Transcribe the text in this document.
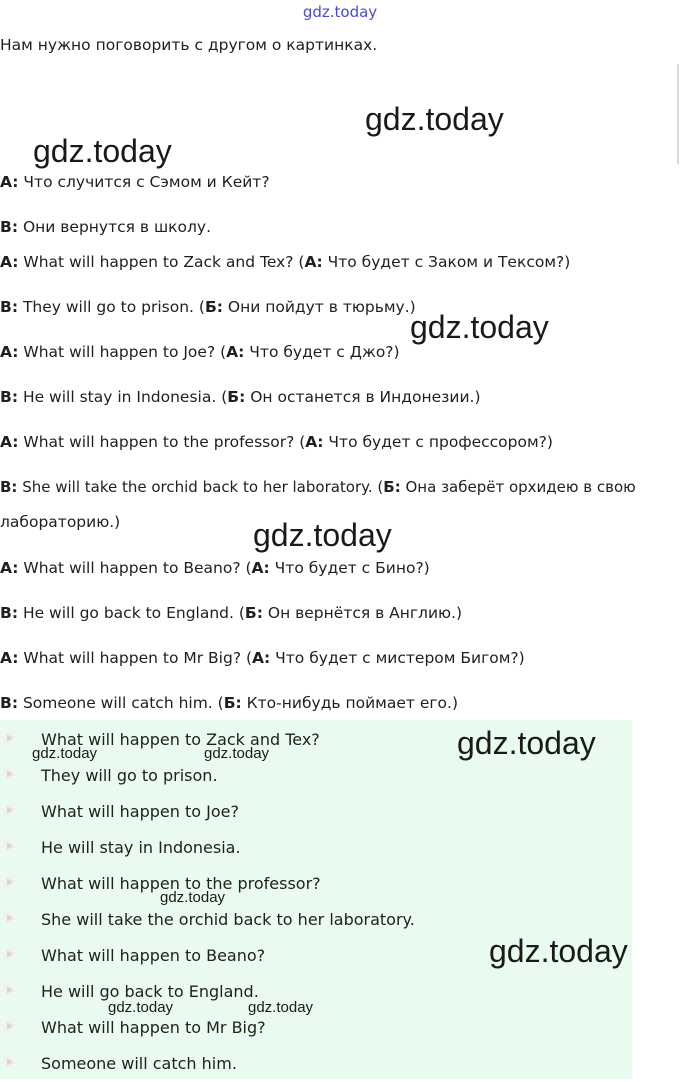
gdz.today
Нам нужно поговорить с другом о картинках.
A: Что случится с Сэмом и Кейт?
B: Они вернутся в школу.
A: What will happen to Zack and Tex? (А: Что будет с Заком и Тексом?)
B: They will go to prison. (Б: Они пойдут в тюрьму.)
A: What will happen to Joe? (А: Что будет с Джо?)
B: He will stay in Indonesia. (Б: Он останется в Индонезии.)
A: What will happen to the professor? (А: Что будет с профессором?)
B: She will take the orchid back to her laboratory. (Б: Она заберёт орхидею в свою
лабораторию.)
A: What will happen to Beano? (А: Что будет с Бино?)
B: He will go back to England. (Б: Он вернётся в Англию.)
A: What will happen to Mr Big? (А: Что будет с мистером Бигом?)
B: Someone will catch him. (Б: Кто-нибудь поймает его.)
What will happen to Zack and Tex?
They will go to prison.
What will happen to Joe?
He will stay in Indonesia.
What will happen to the professor?
She will take the orchid back to her laboratory.
What will happen to Beano?
He will go back to England.
What will happen to Mr Big?
Someone will catch him.
gdz.today
gdz.today
gdz.today
gdz.today
gdz.today
gdz.today
gdz.today	gdz.today
gdz.today
gdz.today	gdz.today
